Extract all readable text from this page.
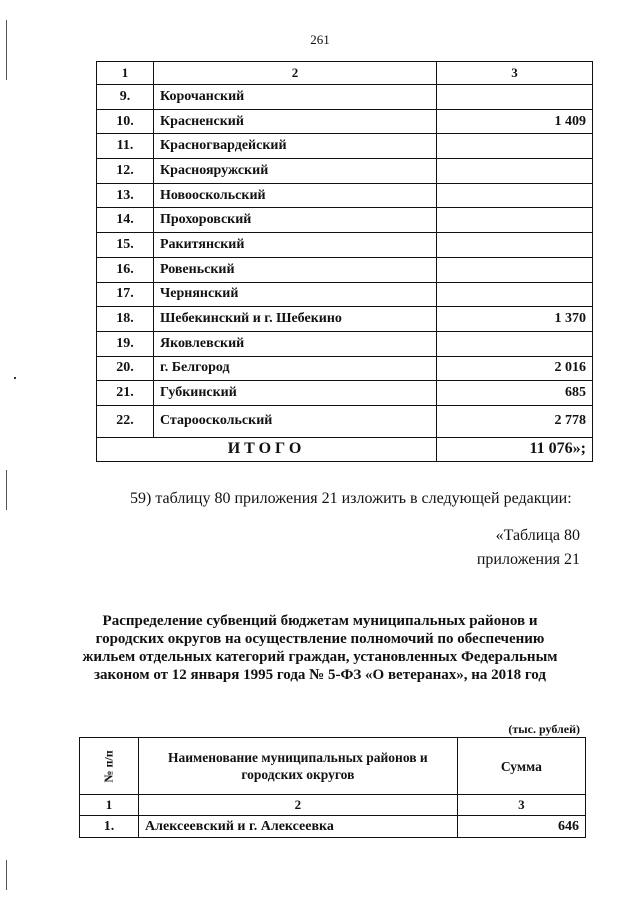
261
1	2	3
9.	Корочанский	
10.	Красненский	1 409
11.	Красногвардейский	
12.	Краснояружский	
13.	Новооскольский	
14.	Прохоровский	
15.	Ракитянский	
16.	Ровеньский	
17.	Чернянский	
18.	Шебекинский и г. Шебекино	1 370
19.	Яковлевский	
20.	г. Белгород	2 016
21.	Губкинский	685
22.	Старооскольский	2 778
ИТОГО		11 076»;
59) таблицу 80 приложения 21 изложить в следующей редакции:
«Таблица 80
приложения 21
Распределение субвенций бюджетам муниципальных районов и
городских округов на осуществление полномочий по обеспечению
жильем отдельных категорий граждан, установленных Федеральным
законом от 12 января 1995 года № 5-ФЗ «О ветеранах», на 2018 год
(тыс. рублей)
№ п/п	Наименование муниципальных районов и
городских округов	Сумма
1	2	3
1.	Алексеевский и г. Алексеевка	646
